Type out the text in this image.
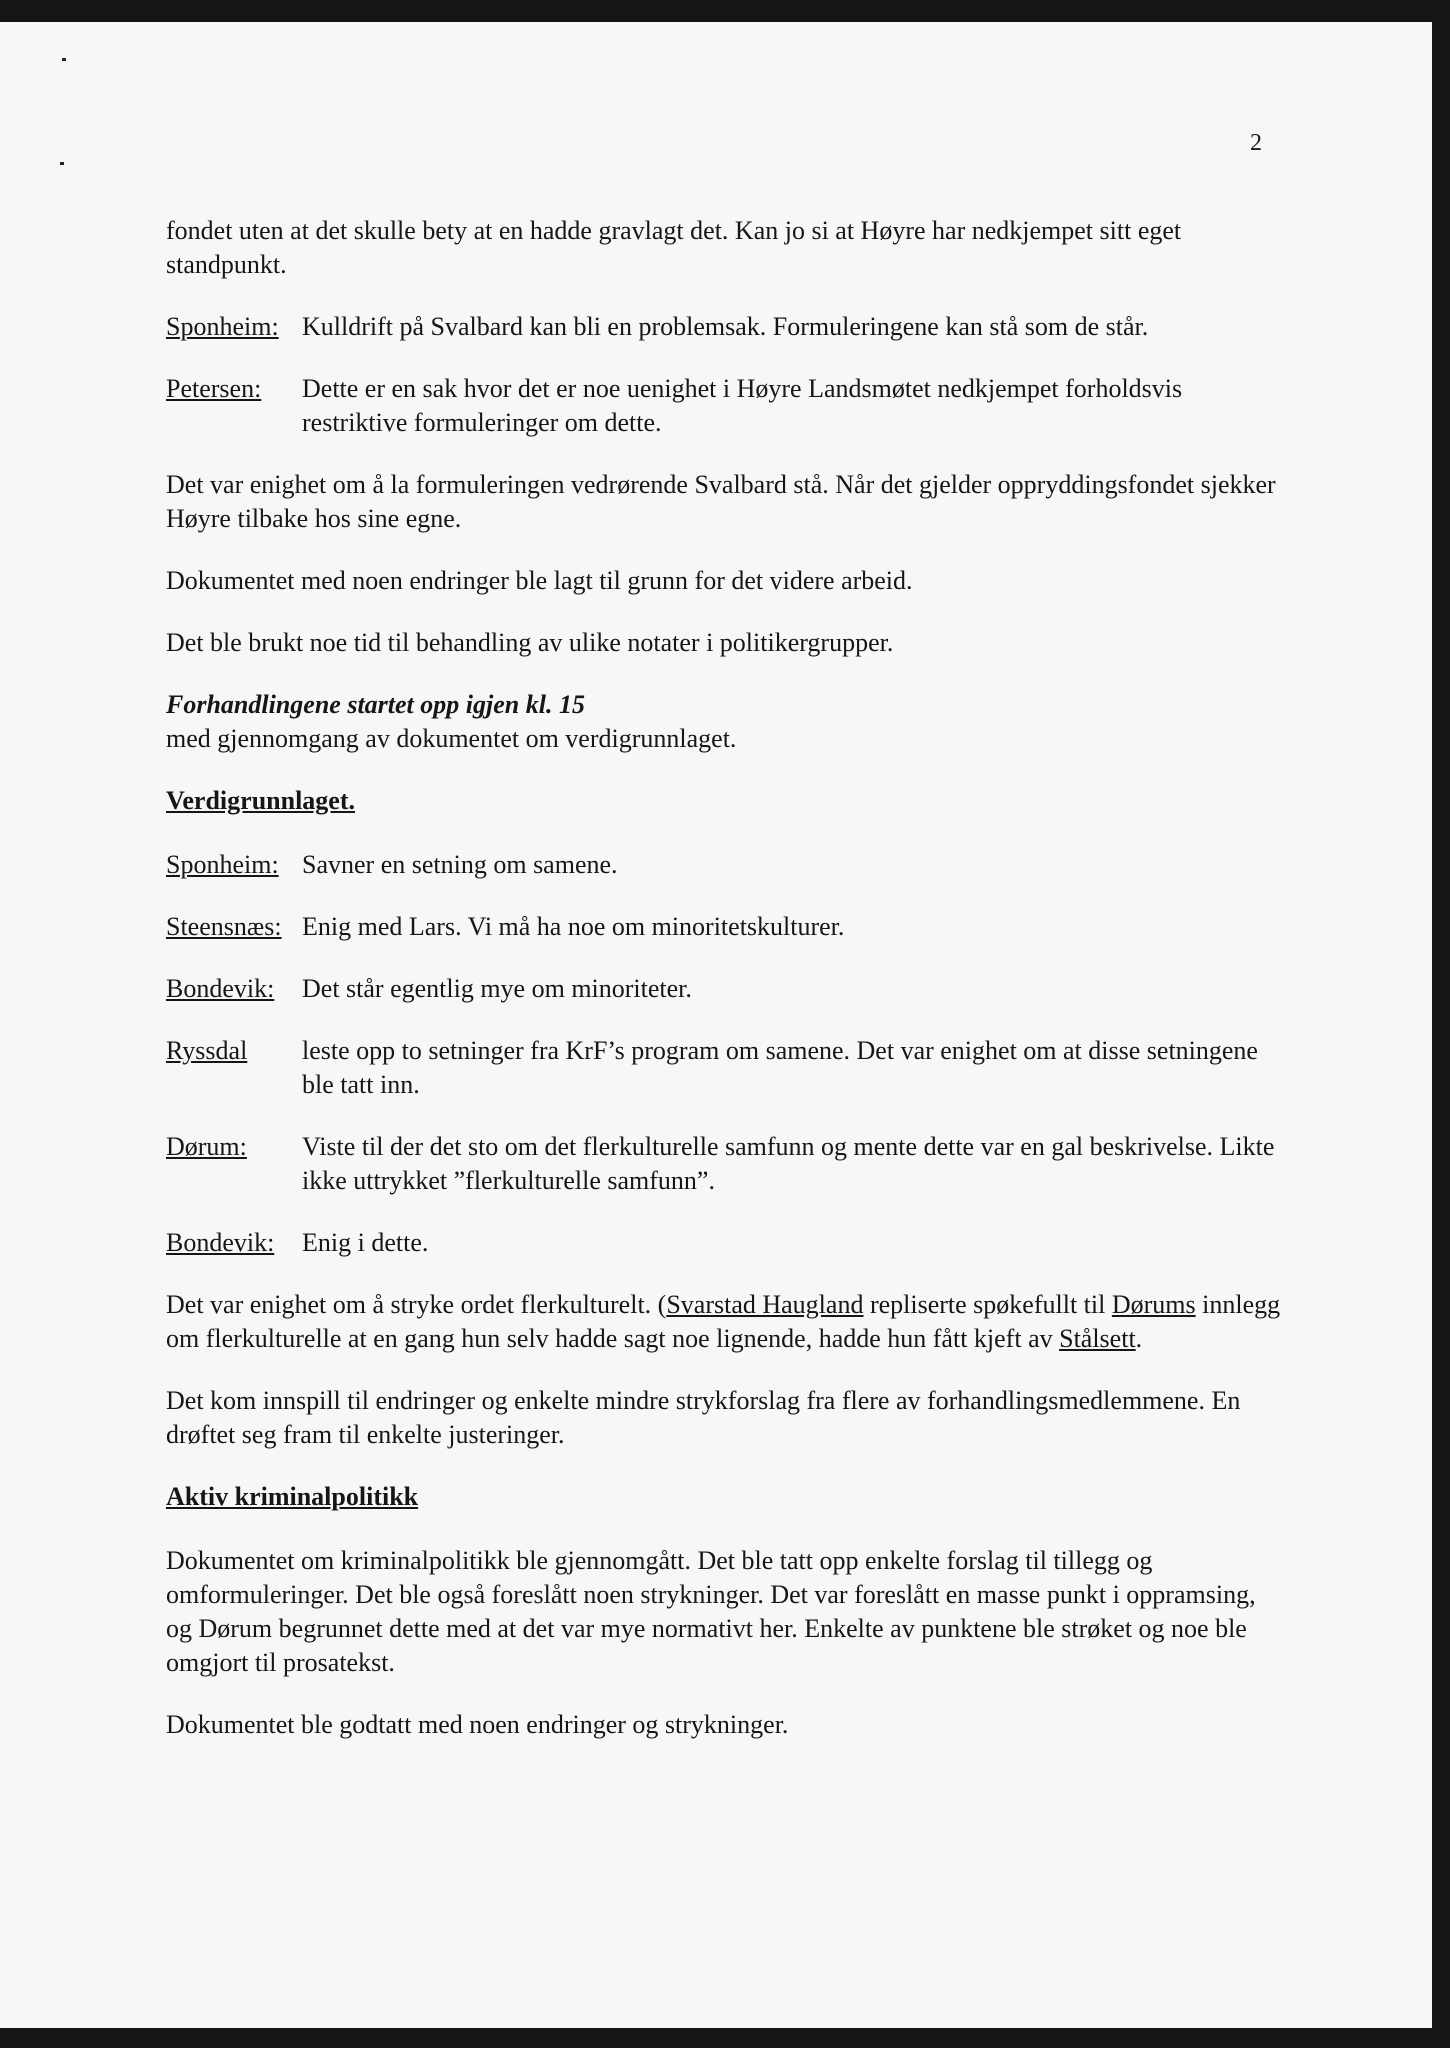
2

fondet uten at det skulle bety at en hadde gravlagt det. Kan jo si at Høyre har nedkjempet sitt eget standpunkt.

Sponheim: Kulldrift på Svalbard kan bli en problemsak. Formuleringene kan stå som de står.
Petersen:	Dette er en sak hvor det er noe uenighet i Høyre Landsmøtet nedkjempet forholdsvis restriktive formuleringer om dette.

Det var enighet om å la formuleringen vedrørende Svalbard stå. Når det gjelder oppryddingsfondet sjekker Høyre tilbake hos sine egne.

Dokumentet med noen endringer ble lagt til grunn for det videre arbeid.

Det ble brukt noe tid til behandling av ulike notater i politikergrupper.

Forhandlingene startet opp igjen kl. 15

med gjennomgang av dokumentet om verdigrunnlaget.

Verdigrunnlaget.

Sponheim: Savner en setning om samene.
Steensnæs: Enig med Lars. Vi må ha noe om minoritetskulturer.
Bondevik:	Det står egentlig mye om minoriteter.
Ryssdal	leste opp to setninger fra KrF’s program om samene. Det var enighet om at disse setningene ble tatt inn.
Dørum:	Viste til der det sto om det flerkulturelle samfunn og mente dette var en gal beskrivelse. Likte ikke uttrykket ”flerkulturelle samfunn”.
Bondevik:	Enig i dette.

Det var enighet om å stryke ordet flerkulturelt. (Svarstad Haugland repliserte spøkefullt til Dørums innlegg om flerkulturelle at en gang hun selv hadde sagt noe lignende, hadde hun fått kjeft av Stålsett.

Det kom innspill til endringer og enkelte mindre strykforslag fra flere av forhandlingsmedlemmene. En drøftet seg fram til enkelte justeringer.

Aktiv kriminalpolitikk

Dokumentet om kriminalpolitikk ble gjennomgått. Det ble tatt opp enkelte forslag til tillegg og omformuleringer. Det ble også foreslått noen strykninger. Det var foreslått en masse punkt i oppramsing, og Dørum begrunnet dette med at det var mye normativt her. Enkelte av punktene ble strøket og noe ble omgjort til prosatekst.

Dokumentet ble godtatt med noen endringer og strykninger.
